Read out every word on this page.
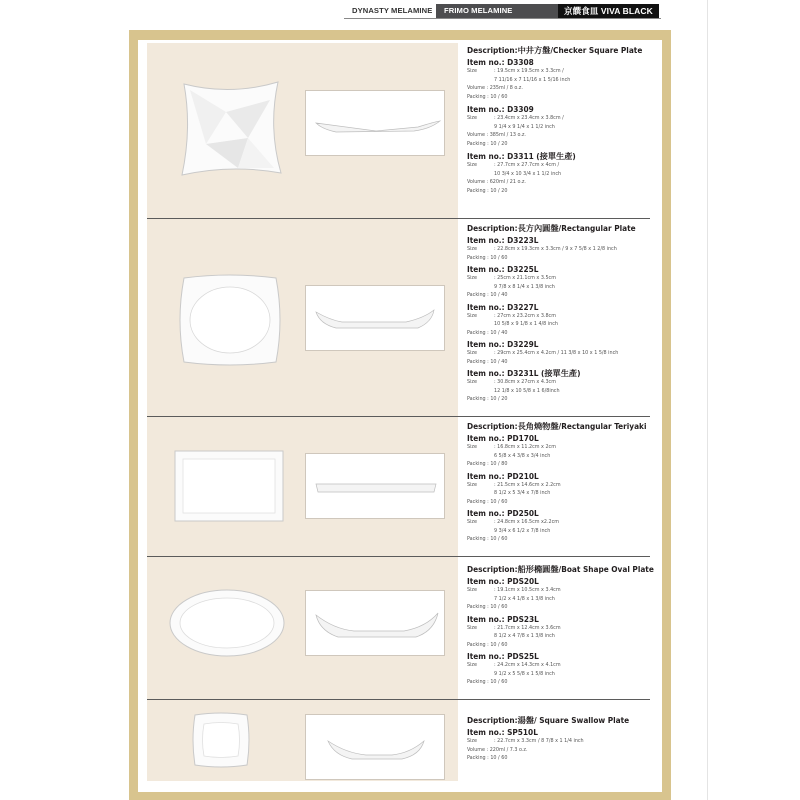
DYNASTY MELAMINE	FRIMO MELAMINE	京饌食皿 VIVA BLACK
Description:中井方盤/Checker Square Plate
Item no.: D3308
Size	: 19.5cm x 19.5cm x 3.3cm /
7 11/16 x 7 11/16 x 1 5/16 inch
Volume : 235ml / 8 o.z.
Packing : 10 / 60
Item no.: D3309
Size	: 23.4cm x 23.4cm x 3.8cm /
9 1/4 x 9 1/4 x 1 1/2 inch
Volume : 385ml / 13 o.z.
Packing : 10 / 20
Item no.: D3311 (接單生產)
Size	: 27.7cm x 27.7cm x 4cm /
10 3/4 x 10 3/4 x 1 1/2 inch
Volume : 620ml / 21 o.z.
Packing : 10 / 20
Description:長方內圓盤/Rectangular Plate
Item no.: D3223L
Size	: 22.8cm x 19.3cm x 3.3cm / 9 x 7 5/8 x 1 2/8 inch
Packing : 10 / 60
Item no.: D3225L
Size	: 25cm x 21.1cm x 3.5cm
9 7/8 x 8 1/4 x 1 3/8 inch
Packing : 10 / 40
Item no.: D3227L
Size	: 27cm x 23.2cm x 3.8cm
10 5/8 x 9 1/8 x 1 4/8 inch
Packing : 10 / 40
Item no.: D3229L
Size	: 29cm x 25.4cm x 4.2cm / 11 3/8 x 10 x 1 5/8 inch
Packing : 10 / 40
Item no.: D3231L (接單生產)
Size	: 30.8cm x 27cm x 4.3cm
12 1/8 x 10 5/8 x 1 6/8inch
Packing : 10 / 20
Description:長角燒物盤/Rectangular Teriyaki
Item no.: PD170L
Size	: 16.8cm x 11.2cm x 2cm
6 5/8 x 4 3/8 x 3/4 inch
Packing : 10 / 80
Item no.: PD210L
Size	: 21.5cm x 14.6cm x 2.2cm
8 1/2 x 5 3/4 x 7/8 inch
Packing : 10 / 60
Item no.: PD250L
Size	: 24.8cm x 16.5cm x2.2cm
9 3/4 x 6 1/2 x 7/8 inch
Packing : 10 / 60
Description:船形橢圓盤/Boat Shape Oval Plate
Item no.: PDS20L
Size	: 19.1cm x 10.5cm x 3.4cm
7 1/2 x 4 1/8 x 1 3/8 inch
Packing : 10 / 60
Item no.: PDS23L
Size	: 21.7cm x 12.4cm x 3.6cm
8 1/2 x 4 7/8 x 1 3/8 inch
Packing : 10 / 60
Item no.: PDS25L
Size	: 24.2cm x 14.3cm x 4.1cm
9 1/2 x 5 5/8 x 1 5/8 inch
Packing : 10 / 60
Description:湯盤/ Square Swallow Plate
Item no.: SP510L
Size	: 22.7cm x 3.3cm / 8 7/8 x 1 1/4 inch
Volume : 220ml / 7.3 o.z.
Packing : 10 / 60
